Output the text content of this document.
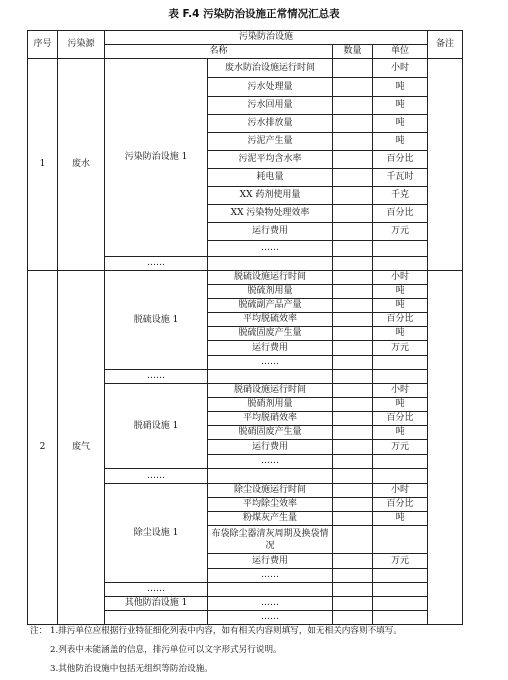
表 F.4 污染防治设施正常情况汇总表
序号	污染源	污染防治设施				备注
		名称		数量	单位	
1	废水	污染防治设施 1	废水防治设施运行时间		小时	
			污水处理量		吨	
			污水回用量		吨	
			污水排放量		吨	
			污泥产生量		吨	
			污泥平均含水率		百分比	
			耗电量		千瓦时	
			XX 药剂使用量		千克	
			XX 污染物处理效率		百分比	
			运行费用		万元	
			……			
		……				
2	废气	脱硫设施 1	脱硫设施运行时间		小时	
			脱硫剂用量		吨	
			脱硫副产品产量		吨	
			平均脱硫效率		百分比	
			脱硫固废产生量		吨	
			运行费用		万元	
			……			
		……				
		脱硝设施 1	脱硝设施运行时间		小时	
			脱硝剂用量		吨	
			平均脱硝效率		百分比	
			脱硝固废产生量		吨	
			运行费用		万元	
			……			
		……				
		除尘设施 1	除尘设施运行时间		小时	
			平均除尘效率		百分比	
			粉煤灰产生量		吨	
			布袋除尘器清灰周期及换袋情况			
			运行费用		万元	
			……			
		……				
		其他防治设施 1	……			
			……			
注： 1.排污单位应根据行业特征细化列表中内容，如有相关内容则填写，如无相关内容则不填写。
2.列表中未能涵盖的信息，排污单位可以文字形式另行说明。
3.其他防治设施中包括无组织等防治设施。
